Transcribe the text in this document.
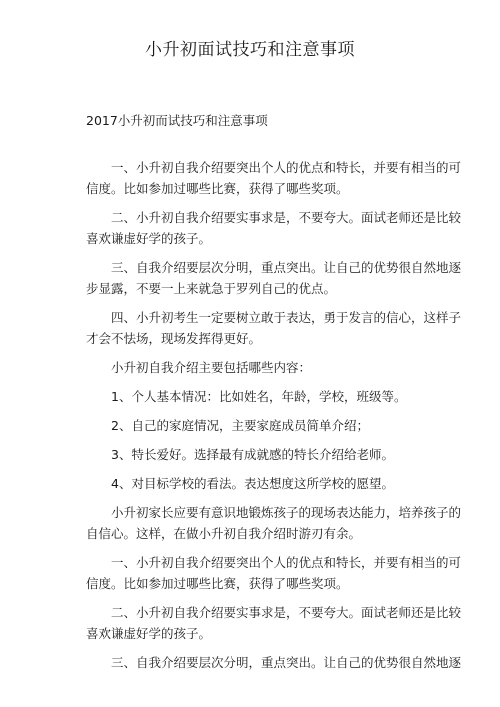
小升初面试技巧和注意事项
2017小升初而试技巧和注意事项

一、小升初自我介绍要突出个人的优点和特长，并要有相当的可
信度。比如参加过哪些比赛，获得了哪些奖项。

二、小升初自我介绍要实事求是，不要夸大。面试老师还是比较
喜欢谦虚好学的孩子。

三、自我介绍要层次分明，重点突出。让自己的优势很自然地逐
步显露，不要一上来就急于罗列自己的优点。

四、小升初考生一定要树立敢于表达，勇于发言的信心，这样子
才会不怯场，现场发挥得更好。

小升初自我介绍主要包括哪些内容：

1、个人基本情况：比如姓名，年龄，学校，班级等。

2、自己的家庭情况，主要家庭成员简单介绍；

3、特长爱好。选择最有成就感的特长介绍给老师。

4、对目标学校的看法。表达想度这所学校的愿望。

小升初家长应要有意识地锻炼孩子的现场表达能力，培养孩子的
自信心。这样，在做小升初自我介绍时游刃有余。

一、小升初自我介绍要突出个人的优点和特长，并要有相当的可
信度。比如参加过哪些比赛，获得了哪些奖项。

二、小升初自我介绍要实事求是，不要夸大。面试老师还是比较
喜欢谦虚好学的孩子。

三、自我介绍要层次分明，重点突出。让自己的优势很自然地逐
